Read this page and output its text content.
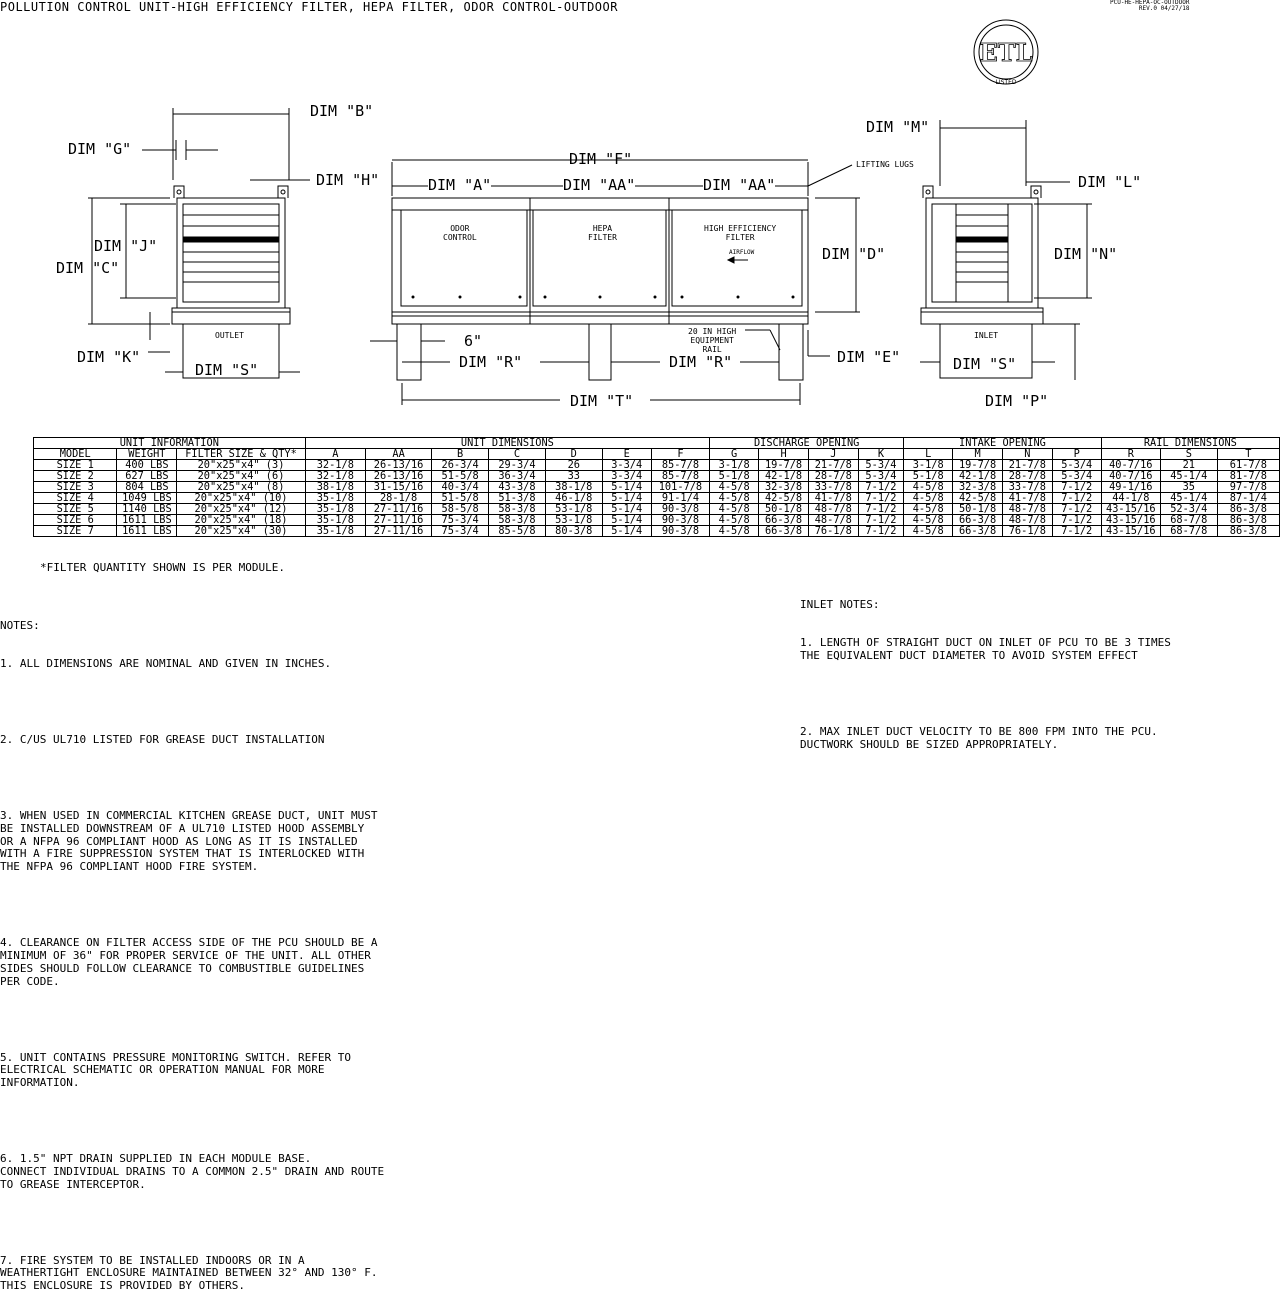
POLLUTION CONTROL UNIT-HIGH EFFICIENCY FILTER, HEPA FILTER, ODOR CONTROL-OUTDOOR	PCU-HE-HEPA-OC-OUTDOOR
REV.0 04/27/18
ETL
LISTED
DIM "B"
DIM "G"
DIM "H"
DIM "J"
DIM "C"
DIM "K"
DIM "S"
DIM "F"
DIM "A"	DIM "AA"	DIM "AA"
DIM "D"
6"
DIM "R"	DIM "R"
DIM "T"
DIM "E"
DIM "M"
DIM "L"
DIM "N"
DIM "S"
DIM "P"
LIFTING LUGS
20 IN HIGH
EQUIPMENT
RAIL
OUTLET	INLET
ODOR
CONTROL
HEPA
FILTER
HIGH EFFICIENCY
FILTER
AIRFLOW
UNIT INFORMATION			UNIT DIMENSIONS							DISCHARGE OPENING				INTAKE OPENING				RAIL DIMENSIONS		
MODEL	WEIGHT	FILTER SIZE & QTY*	A	AA	B	C	D	E	F	G	H	J	K	L	M	N	P	R	S	T
SIZE 1	400 LBS	20"x25"x4" (3)	32-1/8	26-13/16	26-3/4	29-3/4	26	3-3/4	85-7/8	3-1/8	19-7/8	21-7/8	5-3/4	3-1/8	19-7/8	21-7/8	5-3/4	40-7/16	21	61-7/8
SIZE 2	627 LBS	20"x25"x4" (6)	32-1/8	26-13/16	51-5/8	36-3/4	33	3-3/4	85-7/8	5-1/8	42-1/8	28-7/8	5-3/4	5-1/8	42-1/8	28-7/8	5-3/4	40-7/16	45-1/4	81-7/8
SIZE 3	804 LBS	20"x25"x4" (8)	38-1/8	31-15/16	40-3/4	43-3/8	38-1/8	5-1/4	101-7/8	4-5/8	32-3/8	33-7/8	7-1/2	4-5/8	32-3/8	33-7/8	7-1/2	49-1/16	35	97-7/8
SIZE 4	1049 LBS	20"x25"x4" (10)	35-1/8	28-1/8	51-5/8	51-3/8	46-1/8	5-1/4	91-1/4	4-5/8	42-5/8	41-7/8	7-1/2	4-5/8	42-5/8	41-7/8	7-1/2	44-1/8	45-1/4	87-1/4
SIZE 5	1140 LBS	20"x25"x4" (12)	35-1/8	27-11/16	58-5/8	58-3/8	53-1/8	5-1/4	90-3/8	4-5/8	50-1/8	48-7/8	7-1/2	4-5/8	50-1/8	48-7/8	7-1/2	43-15/16	52-3/4	86-3/8
SIZE 6	1611 LBS	20"x25"x4" (18)	35-1/8	27-11/16	75-3/4	58-3/8	53-1/8	5-1/4	90-3/8	4-5/8	66-3/8	48-7/8	7-1/2	4-5/8	66-3/8	48-7/8	7-1/2	43-15/16	68-7/8	86-3/8
SIZE 7	1611 LBS	20"x25"x4" (30)	35-1/8	27-11/16	75-3/4	85-5/8	80-3/8	5-1/4	90-3/8	4-5/8	66-3/8	76-1/8	7-1/2	4-5/8	66-3/8	76-1/8	7-1/2	43-15/16	68-7/8	86-3/8
*FILTER QUANTITY SHOWN IS PER MODULE.

NOTES:

1. ALL DIMENSIONS ARE NOMINAL AND GIVEN IN INCHES.

2. C/US UL710 LISTED FOR GREASE DUCT INSTALLATION

3. WHEN USED IN COMMERCIAL KITCHEN GREASE DUCT, UNIT MUST
BE INSTALLED DOWNSTREAM OF A UL710 LISTED HOOD ASSEMBLY
OR A NFPA 96 COMPLIANT HOOD AS LONG AS IT IS INSTALLED
WITH A FIRE SUPPRESSION SYSTEM THAT IS INTERLOCKED WITH
THE NFPA 96 COMPLIANT HOOD FIRE SYSTEM.

4. CLEARANCE ON FILTER ACCESS SIDE OF THE PCU SHOULD BE A
MINIMUM OF 36" FOR PROPER SERVICE OF THE UNIT. ALL OTHER
SIDES SHOULD FOLLOW CLEARANCE TO COMBUSTIBLE GUIDELINES
PER CODE.

5. UNIT CONTAINS PRESSURE MONITORING SWITCH. REFER TO
ELECTRICAL SCHEMATIC OR OPERATION MANUAL FOR MORE
INFORMATION.

6. 1.5" NPT DRAIN SUPPLIED IN EACH MODULE BASE.
CONNECT INDIVIDUAL DRAINS TO A COMMON 2.5" DRAIN AND ROUTE
TO GREASE INTERCEPTOR.

7. FIRE SYSTEM TO BE INSTALLED INDOORS OR IN A
WEATHERTIGHT ENCLOSURE MAINTAINED BETWEEN 32° AND 130° F.
THIS ENCLOSURE IS PROVIDED BY OTHERS.

INLET NOTES:

1. LENGTH OF STRAIGHT DUCT ON INLET OF PCU TO BE 3 TIMES
THE EQUIVALENT DUCT DIAMETER TO AVOID SYSTEM EFFECT

2. MAX INLET DUCT VELOCITY TO BE 800 FPM INTO THE PCU.
DUCTWORK SHOULD BE SIZED APPROPRIATELY.
